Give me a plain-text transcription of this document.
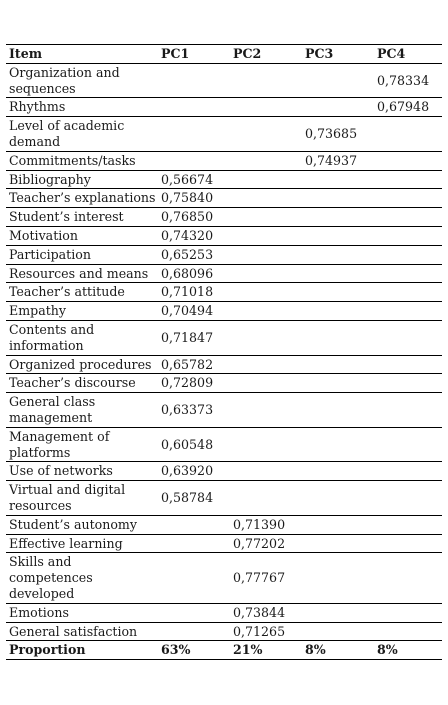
Item	PC1	PC2	PC3	PC4
Organization and sequences				0,78334
Rhythms				0,67948
Level of academic demand			0,73685	
Commitments/tasks			0,74937	
Bibliography	0,56674			
Teacher’s explanations	0,75840			
Student’s interest	0,76850			
Motivation	0,74320			
Participation	0,65253			
Resources and means	0,68096			
Teacher’s attitude	0,71018			
Empathy	0,70494			
Contents and information	0,71847			
Organized procedures	0,65782			
Teacher’s discourse	0,72809			
General class management	0,63373			
Management of platforms	0,60548			
Use of networks	0,63920			
Virtual and digital resources	0,58784			
Student’s autonomy		0,71390		
Effective learning		0,77202		
Skills and competences developed		0,77767		
Emotions		0,73844		
General satisfaction		0,71265		
Proportion	63%	21%	8%	8%
